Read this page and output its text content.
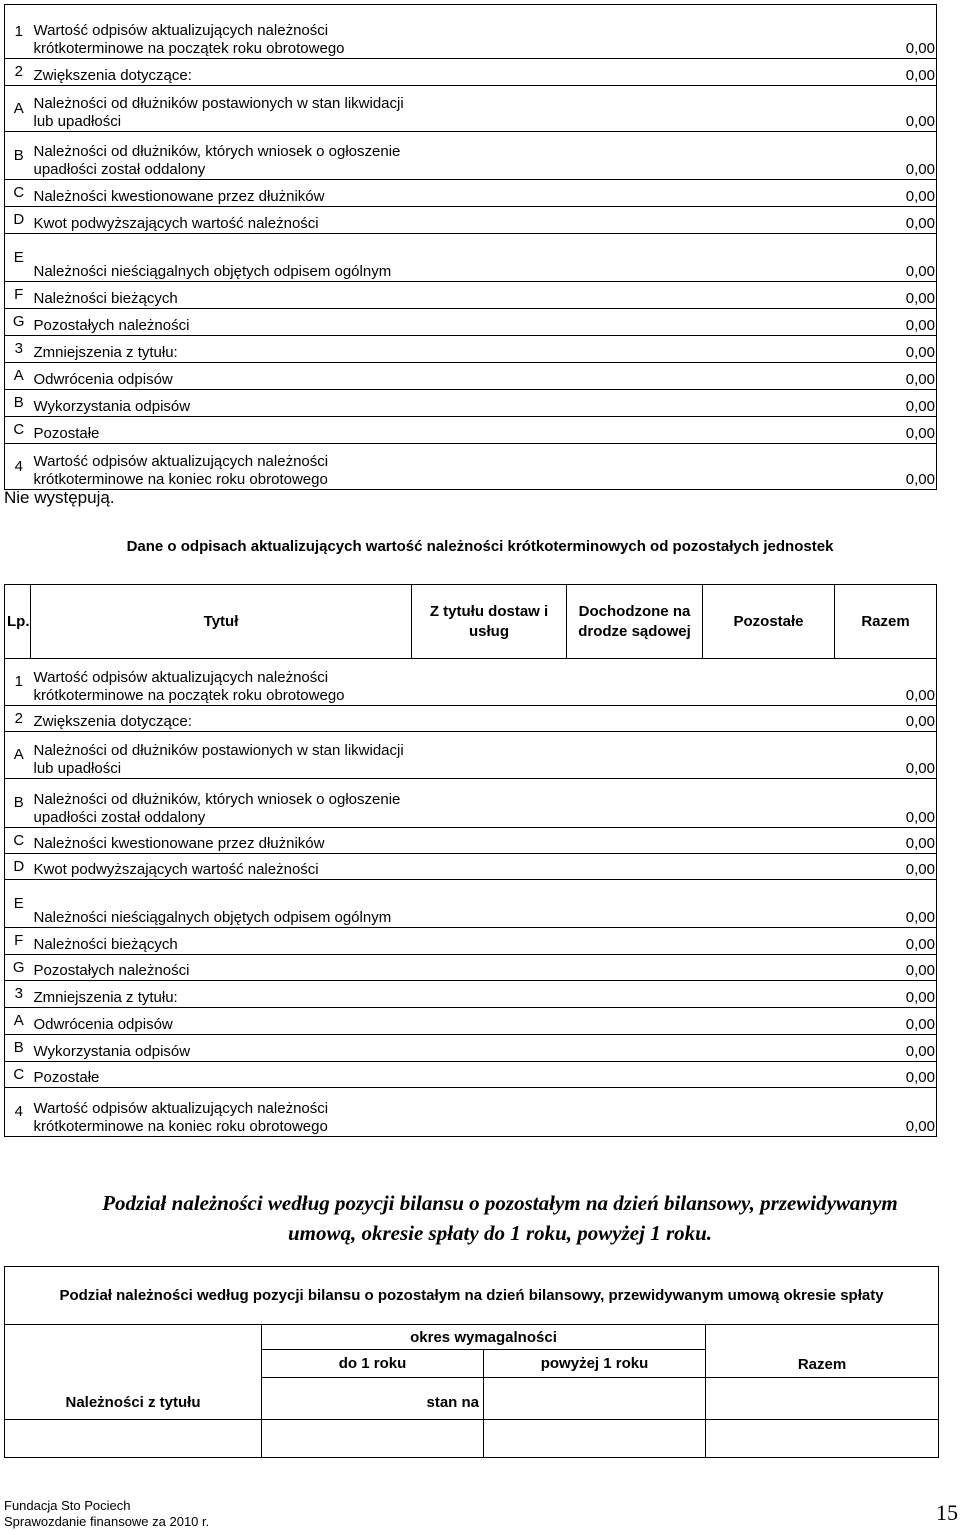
1	Wartość odpisów aktualizujących należności krótkoterminowe na początek roku obrotowego				0,00
2	Zwiększenia dotyczące:				0,00
A	Należności od dłużników postawionych w stan likwidacji lub upadłości				0,00
B	Należności od dłużników, których wniosek o ogłoszenie upadłości został oddalony				0,00
C	Należności kwestionowane przez dłużników				0,00
D	Kwot podwyższających wartość należności				0,00
E	Należności nieściągalnych objętych odpisem ogólnym				0,00
F	Należności bieżących				0,00
G	Pozostałych należności				0,00
3	Zmniejszenia z tytułu:				0,00
A	Odwrócenia odpisów				0,00
B	Wykorzystania odpisów				0,00
C	Pozostałe				0,00
4	Wartość odpisów aktualizujących należności krótkoterminowe na koniec roku obrotowego				0,00
Nie występują.
Dane o odpisach aktualizujących wartość należności krótkoterminowych od pozostałych jednostek
Lp.	Tytuł	Z tytułu dostaw i usług	Dochodzone na drodze sądowej	Pozostałe	Razem
1	Wartość odpisów aktualizujących należności krótkoterminowe na początek roku obrotowego				0,00
2	Zwiększenia dotyczące:				0,00
A	Należności od dłużników postawionych w stan likwidacji lub upadłości				0,00
B	Należności od dłużników, których wniosek o ogłoszenie upadłości został oddalony				0,00
C	Należności kwestionowane przez dłużników				0,00
D	Kwot podwyższających wartość należności				0,00
E	Należności nieściągalnych objętych odpisem ogólnym				0,00
F	Należności bieżących				0,00
G	Pozostałych należności				0,00
3	Zmniejszenia z tytułu:				0,00
A	Odwrócenia odpisów				0,00
B	Wykorzystania odpisów				0,00
C	Pozostałe				0,00
4	Wartość odpisów aktualizujących należności krótkoterminowe na koniec roku obrotowego				0,00
Podział należności według pozycji bilansu o pozostałym na dzień bilansowy, przewidywanym umową, okresie spłaty do 1 roku, powyżej 1 roku.
Podział należności według pozycji bilansu o pozostałym na dzień bilansowy, przewidywanym umową okresie spłaty			
Należności z tytułu	okres wymagalności		Razem
	do 1 roku	powyżej 1 roku	
	stan na		

Fundacja Sto Pociech
Sprawozdanie finansowe za 2010 r.	15
